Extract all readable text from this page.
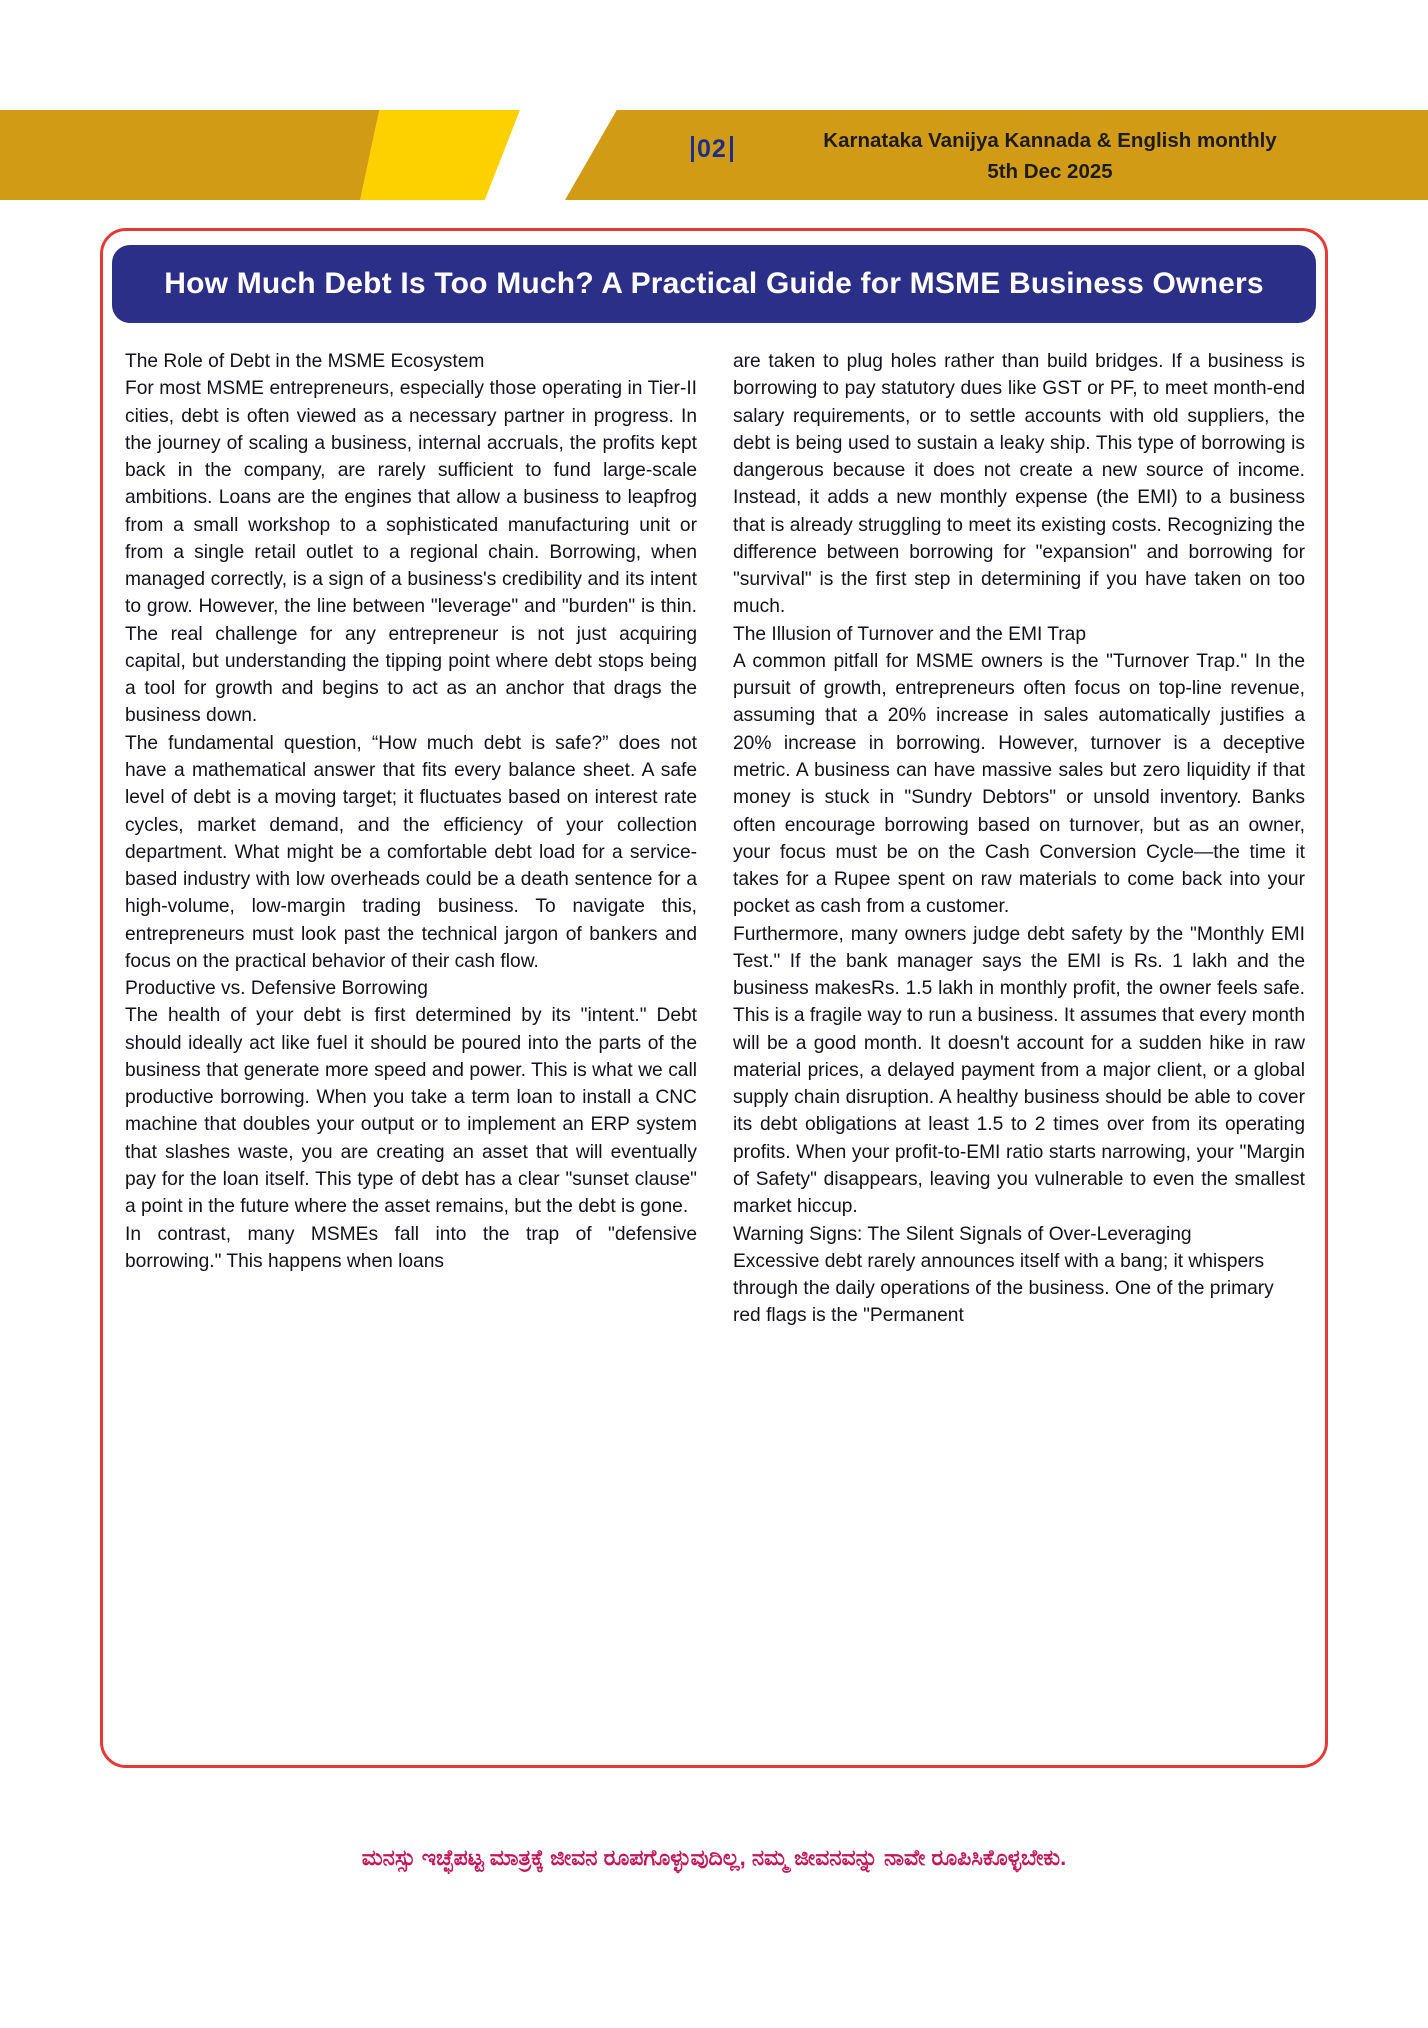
02	Karnataka Vanijya Kannada & English monthly
5th Dec 2025
How Much Debt Is Too Much? A Practical Guide for MSME Business Owners

The Role of Debt in the MSME Ecosystem

For most MSME entrepreneurs, especially those operating in Tier-II cities, debt is often viewed as a necessary partner in progress. In the journey of scaling a business, internal accruals, the profits kept back in the company, are rarely sufficient to fund large-scale ambitions. Loans are the engines that allow a business to leapfrog from a small workshop to a sophisticated manufacturing unit or from a single retail outlet to a regional chain. Borrowing, when managed correctly, is a sign of a business's credibility and its intent to grow. However, the line between "leverage" and "burden" is thin. The real challenge for any entrepreneur is not just acquiring capital, but understanding the tipping point where debt stops being a tool for growth and begins to act as an anchor that drags the business down.

The fundamental question, “How much debt is safe?” does not have a mathematical answer that fits every balance sheet. A safe level of debt is a moving target; it fluctuates based on interest rate cycles, market demand, and the efficiency of your collection department. What might be a comfortable debt load for a service-based industry with low overheads could be a death sentence for a high-volume, low-margin trading business. To navigate this, entrepreneurs must look past the technical jargon of bankers and focus on the practical behavior of their cash flow.

Productive vs. Defensive Borrowing

The health of your debt is first determined by its "intent." Debt should ideally act like fuel it should be poured into the parts of the business that generate more speed and power. This is what we call productive borrowing. When you take a term loan to install a CNC machine that doubles your output or to implement an ERP system that slashes waste, you are creating an asset that will eventually pay for the loan itself. This type of debt has a clear "sunset clause" a point in the future where the asset remains, but the debt is gone.

In contrast, many MSMEs fall into the trap of "defensive borrowing." This happens when loans

are taken to plug holes rather than build bridges. If a business is borrowing to pay statutory dues like GST or PF, to meet month-end salary requirements, or to settle accounts with old suppliers, the debt is being used to sustain a leaky ship. This type of borrowing is dangerous because it does not create a new source of income. Instead, it adds a new monthly expense (the EMI) to a business that is already struggling to meet its existing costs. Recognizing the difference between borrowing for "expansion" and borrowing for "survival" is the first step in determining if you have taken on too much.

The Illusion of Turnover and the EMI Trap

A common pitfall for MSME owners is the "Turnover Trap." In the pursuit of growth, entrepreneurs often focus on top-line revenue, assuming that a 20% increase in sales automatically justifies a 20% increase in borrowing. However, turnover is a deceptive metric. A business can have massive sales but zero liquidity if that money is stuck in "Sundry Debtors" or unsold inventory. Banks often encourage borrowing based on turnover, but as an owner, your focus must be on the Cash Conversion Cycle—the time it takes for a Rupee spent on raw materials to come back into your pocket as cash from a customer.

Furthermore, many owners judge debt safety by the "Monthly EMI Test." If the bank manager says the EMI is Rs. 1 lakh and the business makesRs. 1.5 lakh in monthly profit, the owner feels safe. This is a fragile way to run a business. It assumes that every month will be a good month. It doesn't account for a sudden hike in raw material prices, a delayed payment from a major client, or a global supply chain disruption. A healthy business should be able to cover its debt obligations at least 1.5 to 2 times over from its operating profits. When your profit-to-EMI ratio starts narrowing, your "Margin of Safety" disappears, leaving you vulnerable to even the smallest market hiccup.

Warning Signs: The Silent Signals of Over-Leveraging

Excessive debt rarely announces itself with a bang; it whispers through the daily operations of the business. One of the primary red flags is the "Permanent

ಮನಸ್ಸು ಇಚ್ಛೆಪಟ್ಟ ಮಾತ್ರಕ್ಕೆ ಜೀವನ ರೂಪಗೊಳ್ಳುವುದಿಲ್ಲ, ನಮ್ಮ ಜೀವನವನ್ನು ನಾವೇ ರೂಪಿಸಿಕೊಳ್ಳಬೇಕು.
